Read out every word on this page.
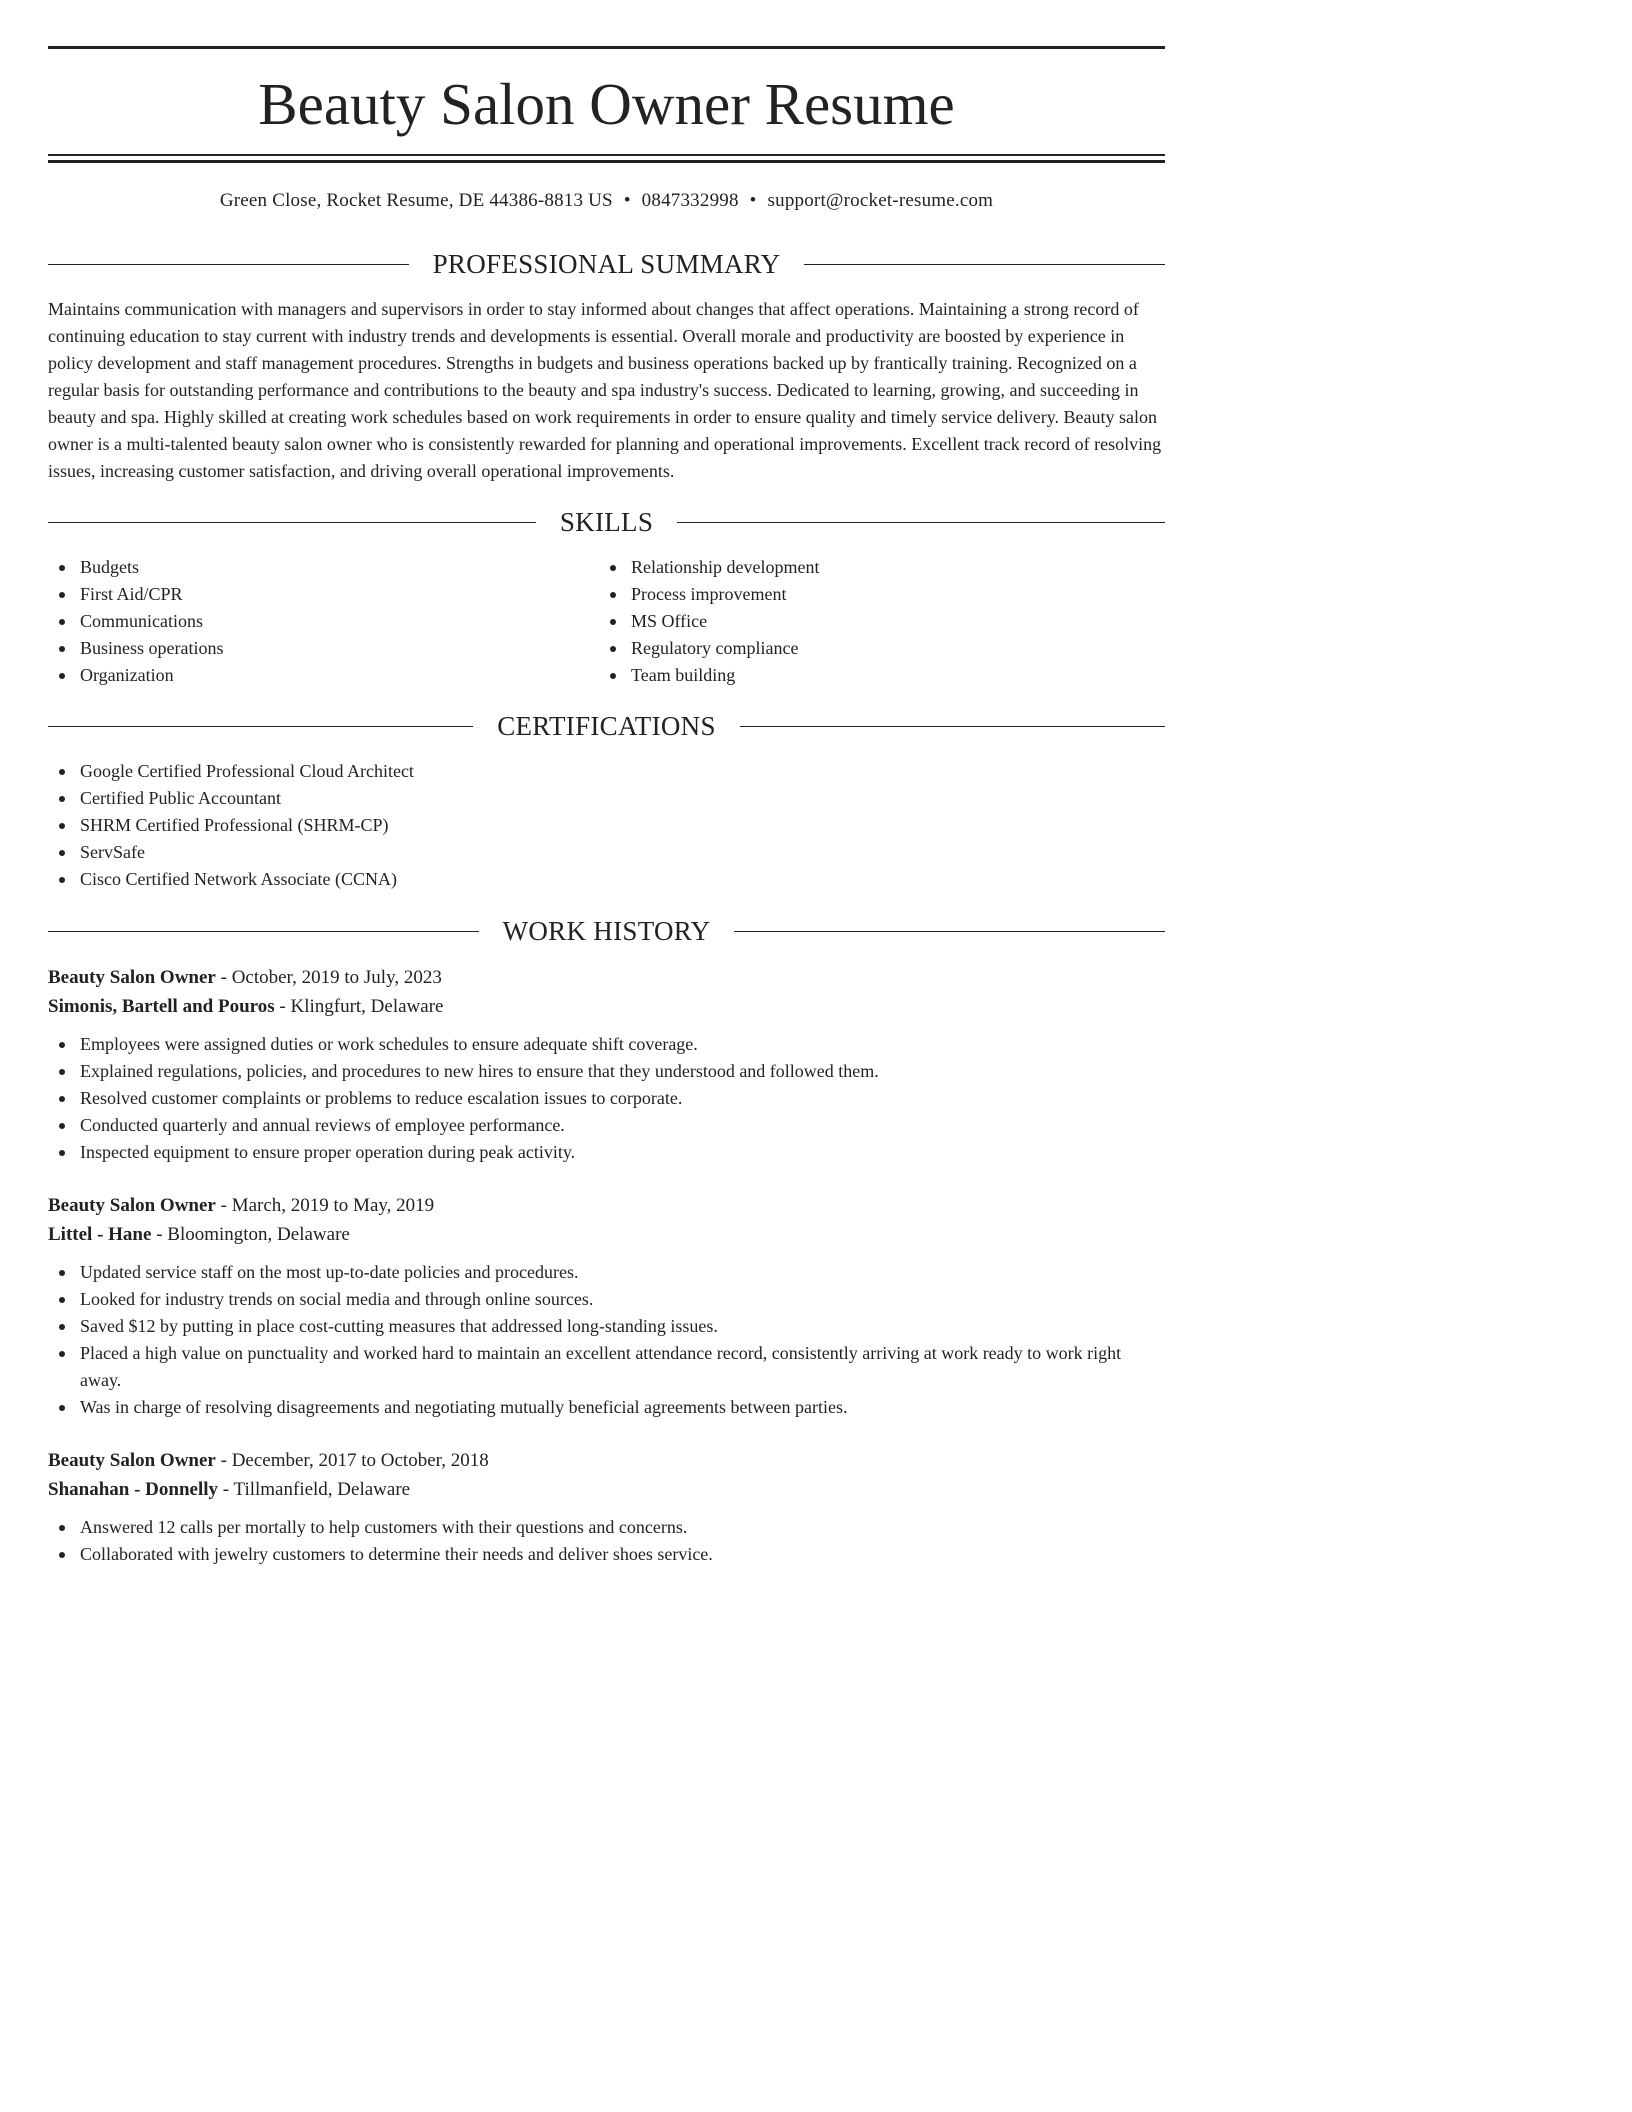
Beauty Salon Owner Resume
Green Close, Rocket Resume, DE 44386-8813 US • 0847332998 • support@rocket-resume.com
PROFESSIONAL SUMMARY

Maintains communication with managers and supervisors in order to stay informed about changes that affect operations. Maintaining a strong record of continuing education to stay current with industry trends and developments is essential. Overall morale and productivity are boosted by experience in policy development and staff management procedures. Strengths in budgets and business operations backed up by frantically training. Recognized on a regular basis for outstanding performance and contributions to the beauty and spa industry's success. Dedicated to learning, growing, and succeeding in beauty and spa. Highly skilled at creating work schedules based on work requirements in order to ensure quality and timely service delivery. Beauty salon owner is a multi-talented beauty salon owner who is consistently rewarded for planning and operational improvements. Excellent track record of resolving issues, increasing customer satisfaction, and driving overall operational improvements.

SKILLS
Budgets
First Aid/CPR
Communications
Business operations
Organization
Relationship development
Process improvement
MS Office
Regulatory compliance
Team building
CERTIFICATIONS
Google Certified Professional Cloud Architect
Certified Public Accountant
SHRM Certified Professional (SHRM-CP)
ServSafe
Cisco Certified Network Associate (CCNA)
WORK HISTORY
Beauty Salon Owner - October, 2019 to July, 2023
Simonis, Bartell and Pouros - Klingfurt, Delaware
Employees were assigned duties or work schedules to ensure adequate shift coverage.
Explained regulations, policies, and procedures to new hires to ensure that they understood and followed them.
Resolved customer complaints or problems to reduce escalation issues to corporate.
Conducted quarterly and annual reviews of employee performance.
Inspected equipment to ensure proper operation during peak activity.
Beauty Salon Owner - March, 2019 to May, 2019
Littel - Hane - Bloomington, Delaware
Updated service staff on the most up-to-date policies and procedures.
Looked for industry trends on social media and through online sources.
Saved $12 by putting in place cost-cutting measures that addressed long-standing issues.
Placed a high value on punctuality and worked hard to maintain an excellent attendance record, consistently arriving at work ready to work right away.
Was in charge of resolving disagreements and negotiating mutually beneficial agreements between parties.
Beauty Salon Owner - December, 2017 to October, 2018
Shanahan - Donnelly - Tillmanfield, Delaware
Answered 12 calls per mortally to help customers with their questions and concerns.
Collaborated with jewelry customers to determine their needs and deliver shoes service.
